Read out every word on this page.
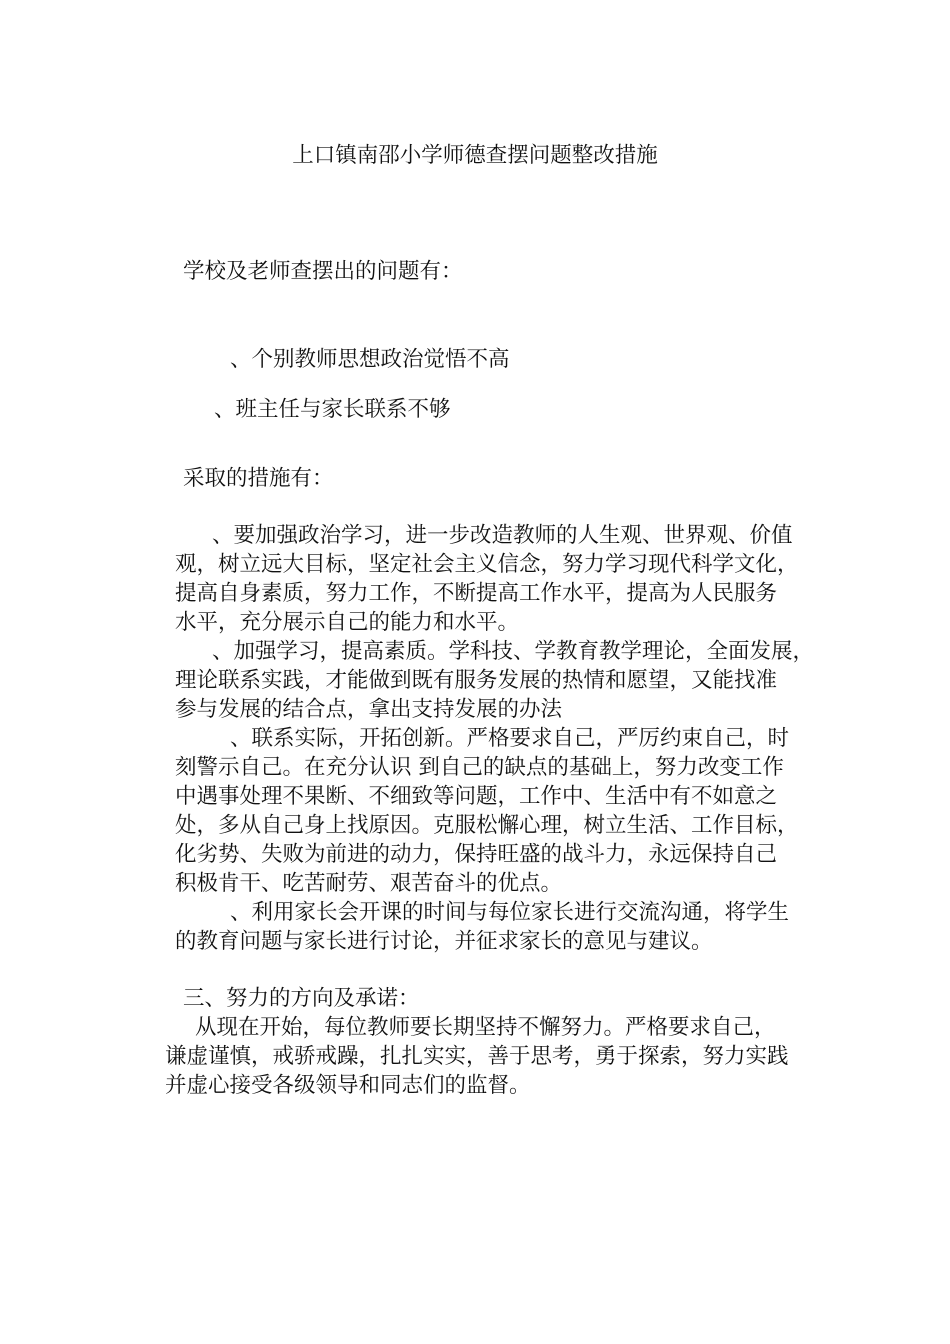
上口镇南邵小学师德查摆问题整改措施
学校及老师查摆出的问题有：
、个别教师思想政治觉悟不高
、班主任与家长联系不够
采取的措施有：
、要加强政治学习，进一步改造教师的人生观、世界观、价值
观，树立远大目标，坚定社会主义信念，努力学习现代科学文化，
提高自身素质，努力工作，不断提高工作水平，提高为人民服务
水平，充分展示自己的能力和水平。
、加强学习，提高素质。学科技、学教育教学理论，全面发展，
理论联系实践，才能做到既有服务发展的热情和愿望，又能找准
参与发展的结合点，拿出支持发展的办法
、联系实际，开拓创新。严格要求自己，严厉约束自己，时
刻警示自己。在充分认识 到自己的缺点的基础上，努力改变工作
中遇事处理不果断、不细致等问题，工作中、生活中有不如意之
处，多从自己身上找原因。克服松懈心理，树立生活、工作目标，
化劣势、失败为前进的动力，保持旺盛的战斗力，永远保持自己
积极肯干、吃苦耐劳、艰苦奋斗的优点。
、利用家长会开课的时间与每位家长进行交流沟通，将学生
的教育问题与家长进行讨论，并征求家长的意见与建议。
三、努力的方向及承诺：
从现在开始，每位教师要长期坚持不懈努力。严格要求自己，
谦虚谨慎，戒骄戒躁，扎扎实实，善于思考，勇于探索，努力实践
并虚心接受各级领导和同志们的监督。
